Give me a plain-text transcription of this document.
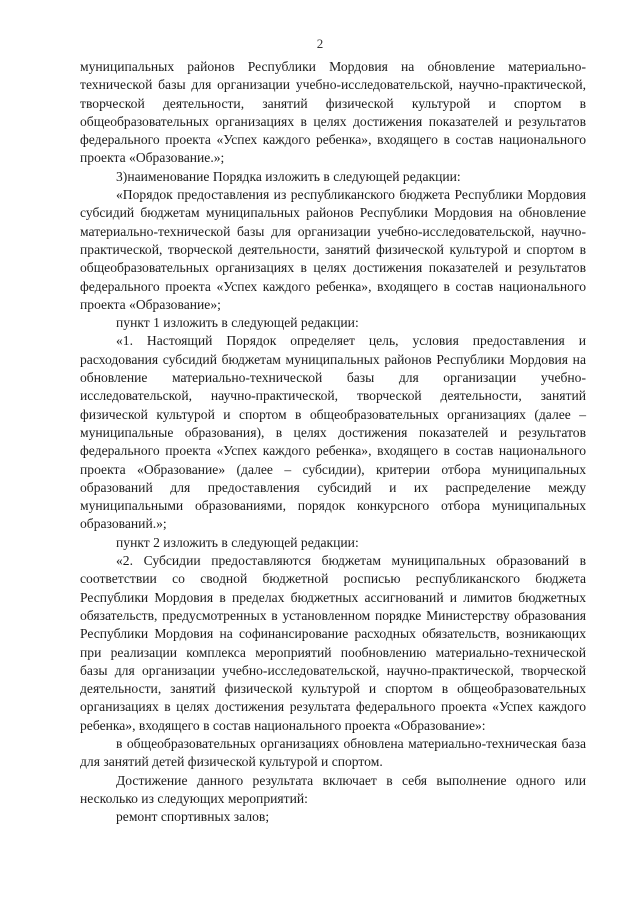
2

муниципальных районов Республики Мордовия на обновление материально-технической базы для организации учебно-исследовательской, научно-практической, творческой деятельности, занятий физической культурой и спортом в общеобразовательных организациях в целях достижения показателей и результатов федерального проекта «Успех каждого ребенка», входящего в состав национального проекта «Образование.»;

3)наименование Порядка изложить в следующей редакции:

«Порядок предоставления из республиканского бюджета Республики Мордовия субсидий бюджетам муниципальных районов Республики Мордовия на обновление материально-технической базы для организации учебно-исследовательской, научно-практической, творческой деятельности, занятий физической культурой и спортом в общеобразовательных организациях в целях достижения показателей и результатов федерального проекта «Успех каждого ребенка», входящего в состав национального проекта «Образование»;

пункт 1 изложить в следующей редакции:

«1. Настоящий Порядок определяет цель, условия предоставления и расходования субсидий бюджетам муниципальных районов Республики Мордовия на обновление материально-технической базы для организации учебно-исследовательской, научно-практической, творческой деятельности, занятий физической культурой и спортом в общеобразовательных организациях (далее – муниципальные образования), в целях достижения показателей и результатов федерального проекта «Успех каждого ребенка», входящего в состав национального проекта «Образование» (далее – субсидии), критерии отбора муниципальных образований для предоставления субсидий и их распределение между муниципальными образованиями, порядок конкурсного отбора муниципальных образований.»;

пункт 2 изложить в следующей редакции:

«2. Субсидии предоставляются бюджетам муниципальных образований в соответствии со сводной бюджетной росписью республиканского бюджета Республики Мордовия в пределах бюджетных ассигнований и лимитов бюджетных обязательств, предусмотренных в установленном порядке Министерству образования Республики Мордовия на софинансирование расходных обязательств, возникающих при реализации комплекса мероприятий пообновлению материально-технической базы для организации учебно-исследовательской, научно-практической, творческой деятельности, занятий физической культурой и спортом в общеобразовательных организациях в целях достижения результата федерального проекта «Успех каждого ребенка», входящего в состав национального проекта «Образование»:

в общеобразовательных организациях обновлена материально-техническая база для занятий детей физической культурой и спортом.

Достижение данного результата включает в себя выполнение одного или несколько из следующих мероприятий:

ремонт спортивных залов;
